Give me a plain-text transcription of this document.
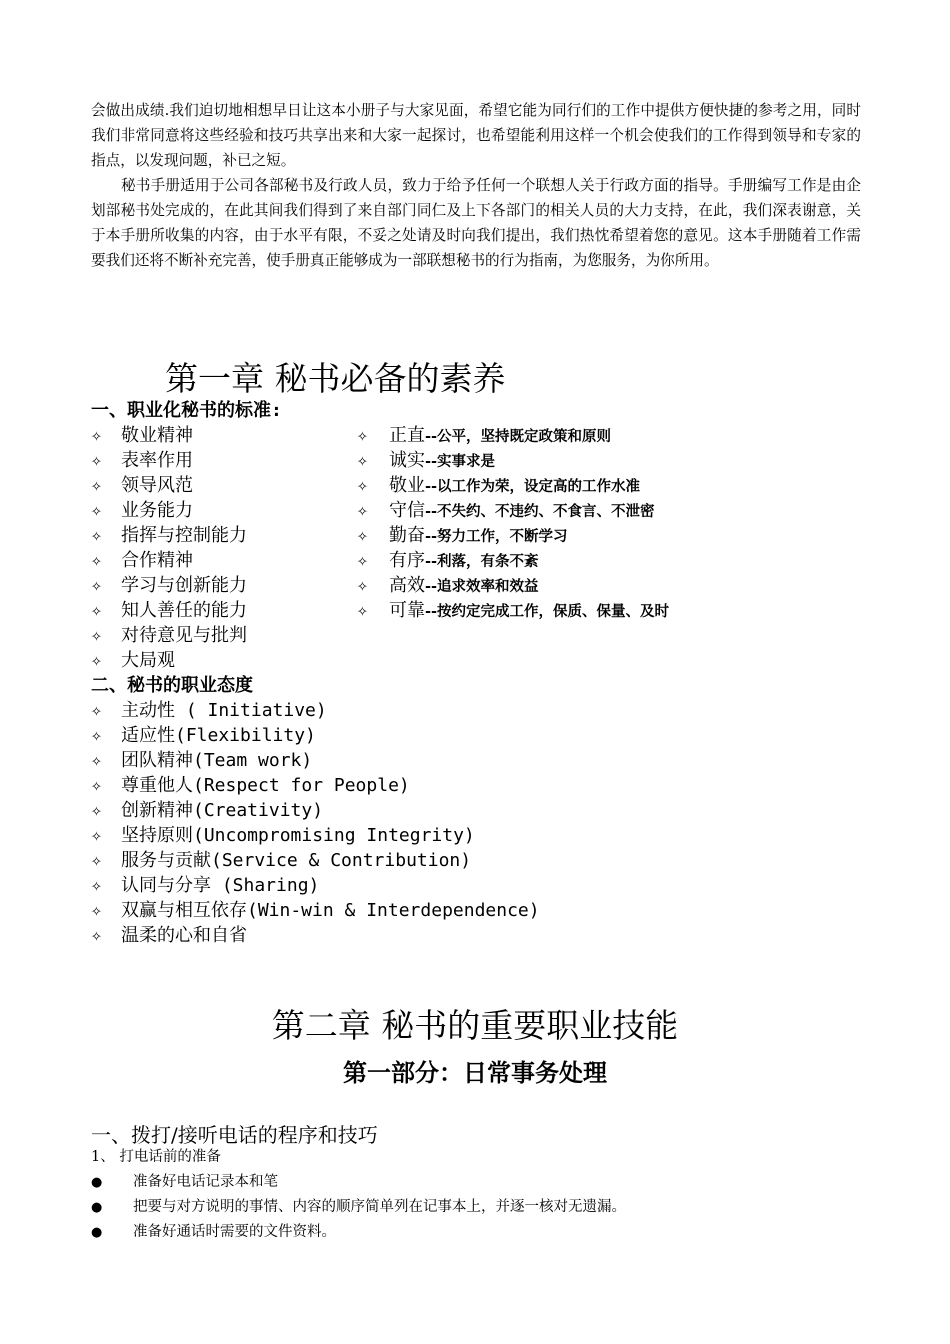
会做出成绩.我们迫切地相想早日让这本小册子与大家见面，希望它能为同行们的工作中提供方便快捷的参考之用，同时我们非常同意将这些经验和技巧共享出来和大家一起探讨，也希望能利用这样一个机会使我们的工作得到领导和专家的指点，以发现问题，补已之短。

秘书手册适用于公司各部秘书及行政人员，致力于给予任何一个联想人关于行政方面的指导。手册编写工作是由企划部秘书处完成的，在此其间我们得到了来自部门同仁及上下各部门的相关人员的大力支持，在此，我们深表谢意，关于本手册所收集的内容，由于水平有限，不妥之处请及时向我们提出，我们热忱希望着您的意见。这本手册随着工作需要我们还将不断补充完善，使手册真正能够成为一部联想秘书的行为指南，为您服务，为你所用。

第一章 秘书必备的素养
一、职业化秘书的标准:
✧ 敬业精神
✧ 表率作用
✧ 领导风范
✧ 业务能力
✧ 指挥与控制能力
✧ 合作精神
✧ 学习与创新能力
✧ 知人善任的能力
✧ 对待意见与批判
✧ 大局观
✧ 正直--公平，坚持既定政策和原则
✧ 诚实--实事求是
✧ 敬业--以工作为荣，设定高的工作水准
✧ 守信--不失约、不违约、不食言、不泄密
✧ 勤奋--努力工作，不断学习
✧ 有序--利落，有条不紊
✧ 高效--追求效率和效益
✧ 可靠--按约定完成工作，保质、保量、及时
二、秘书的职业态度
✧ 主动性 ( Initiative)
✧ 适应性(Flexibility)
✧ 团队精神(Team work)
✧ 尊重他人(Respect for People)
✧ 创新精神(Creativity)
✧ 坚持原则(Uncompromising Integrity)
✧ 服务与贡献(Service & Contribution)
✧ 认同与分享 (Sharing)
✧ 双赢与相互依存(Win-win & Interdependence)
✧ 温柔的心和自省
第二章 秘书的重要职业技能
第一部分：日常事务处理
一、拨打/接听电话的程序和技巧

1、 打电话前的准备

● 准备好电话记录本和笔
● 把要与对方说明的事情、内容的顺序简单列在记事本上，并逐一核对无遗漏。
● 准备好通话时需要的文件资料。
